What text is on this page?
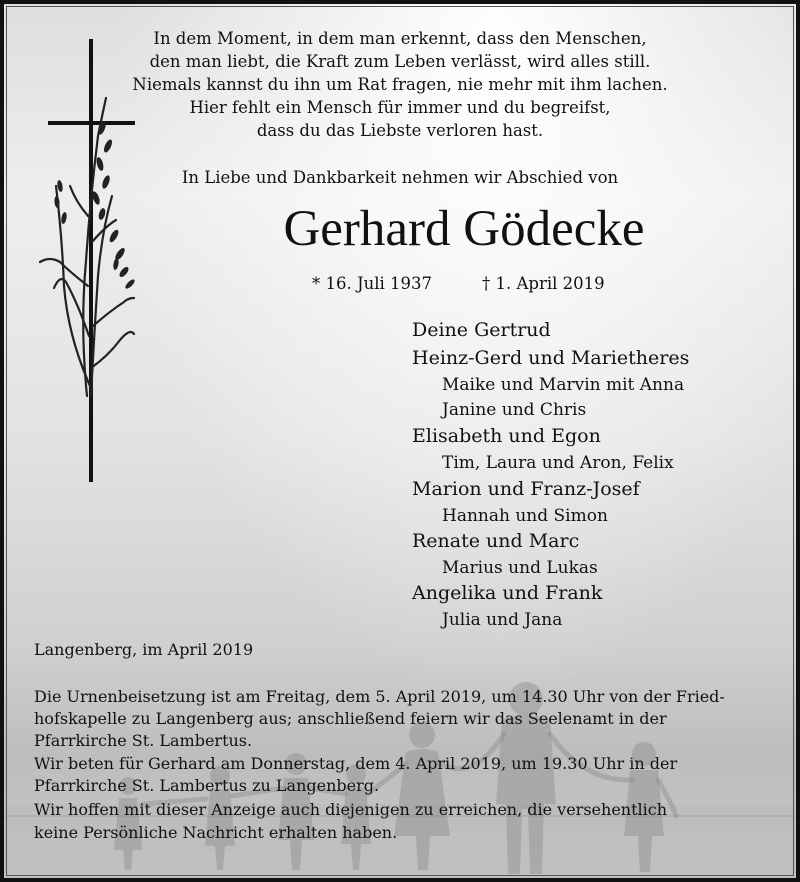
In dem Moment, in dem man erkennt, dass den Menschen,
den man liebt, die Kraft zum Leben verlässt, wird alles still.
Niemals kannst du ihn um Rat fragen, nie mehr mit ihm lachen.
Hier fehlt ein Mensch für immer und du begreifst,
dass du das Liebste verloren hast.
In Liebe und Dankbarkeit nehmen wir Abschied von
Gerhard Gödecke
* 16. Juli 1937	† 1. April 2019
Deine Gertrud
Heinz-Gerd und Marietheres
Maike und Marvin mit Anna
Janine und Chris
Elisabeth und Egon
Tim, Laura und Aron, Felix
Marion und Franz-Josef
Hannah und Simon
Renate und Marc
Marius und Lukas
Angelika und Frank
Julia und Jana
Langenberg, im April 2019
Die Urnenbeisetzung ist am Freitag, dem 5. April 2019, um 14.30 Uhr von der Fried-
hofskapelle zu Langenberg aus; anschließend feiern wir das Seelenamt in der
Pfarrkirche St. Lambertus.
Wir beten für Gerhard am Donnerstag, dem 4. April 2019, um 19.30 Uhr in der
Pfarrkirche St. Lambertus zu Langenberg.
Wir hoffen mit dieser Anzeige auch diejenigen zu erreichen, die versehentlich
keine Persönliche Nachricht erhalten haben.
